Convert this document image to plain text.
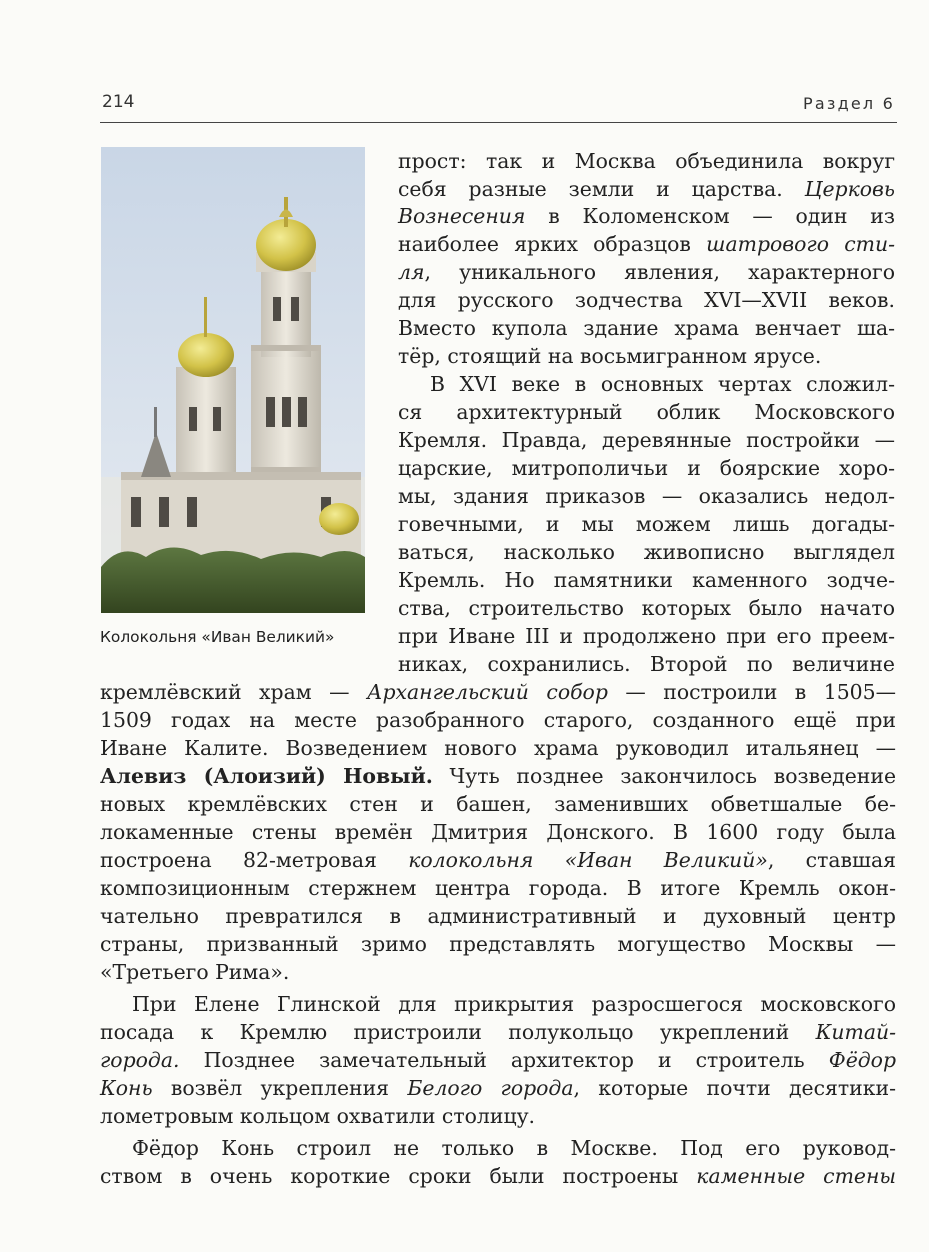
214	Раздел 6
Колокольня «Иван Великий»

прост: так и Москва объединила вокруг

себя разные земли и царства. Церковь

Вознесения в Коломенском — один из

наиболее ярких образцов шатрового сти-

ля, уникального явления, характерного

для русского зодчества XVI—XVII веков.

Вместо купола здание храма венчает ша-

тёр, стоящий на восьмигранном ярусе.

В XVI веке в основных чертах сложил-

ся архитектурный облик Московского

Кремля. Правда, деревянные постройки —

царские, митрополичьи и боярские хоро-

мы, здания приказов — оказались недол-

говечными, и мы можем лишь догады-

ваться, насколько живописно выглядел

Кремль. Но памятники каменного зодче-

ства, строительство которых было начато

при Иване III и продолжено при его преем-

никах, сохранились. Второй по величине

кремлёвский храм — Архангельский собор — построили в 1505—

1509 годах на месте разобранного старого, созданного ещё при

Иване Калите. Возведением нового храма руководил итальянец —

Алевиз (Алоизий) Новый. Чуть позднее закончилось возведение

новых кремлёвских стен и башен, заменивших обветшалые бе-

локаменные стены времён Дмитрия Донского. В 1600 году была

построена 82-метровая колокольня «Иван Великий», ставшая

композиционным стержнем центра города. В итоге Кремль окон-

чательно превратился в административный и духовный центр

страны, призванный зримо представлять могущество Москвы —

«Третьего Рима».

При Елене Глинской для прикрытия разросшегося московского

посада к Кремлю пристроили полукольцо укреплений Китай-

города. Позднее замечательный архитектор и строитель Фёдор

Конь возвёл укрепления Белого города, которые почти десятики-

лометровым кольцом охватили столицу.

Фёдор Конь строил не только в Москве. Под его руковод-

ством в очень короткие сроки были построены каменные стены
